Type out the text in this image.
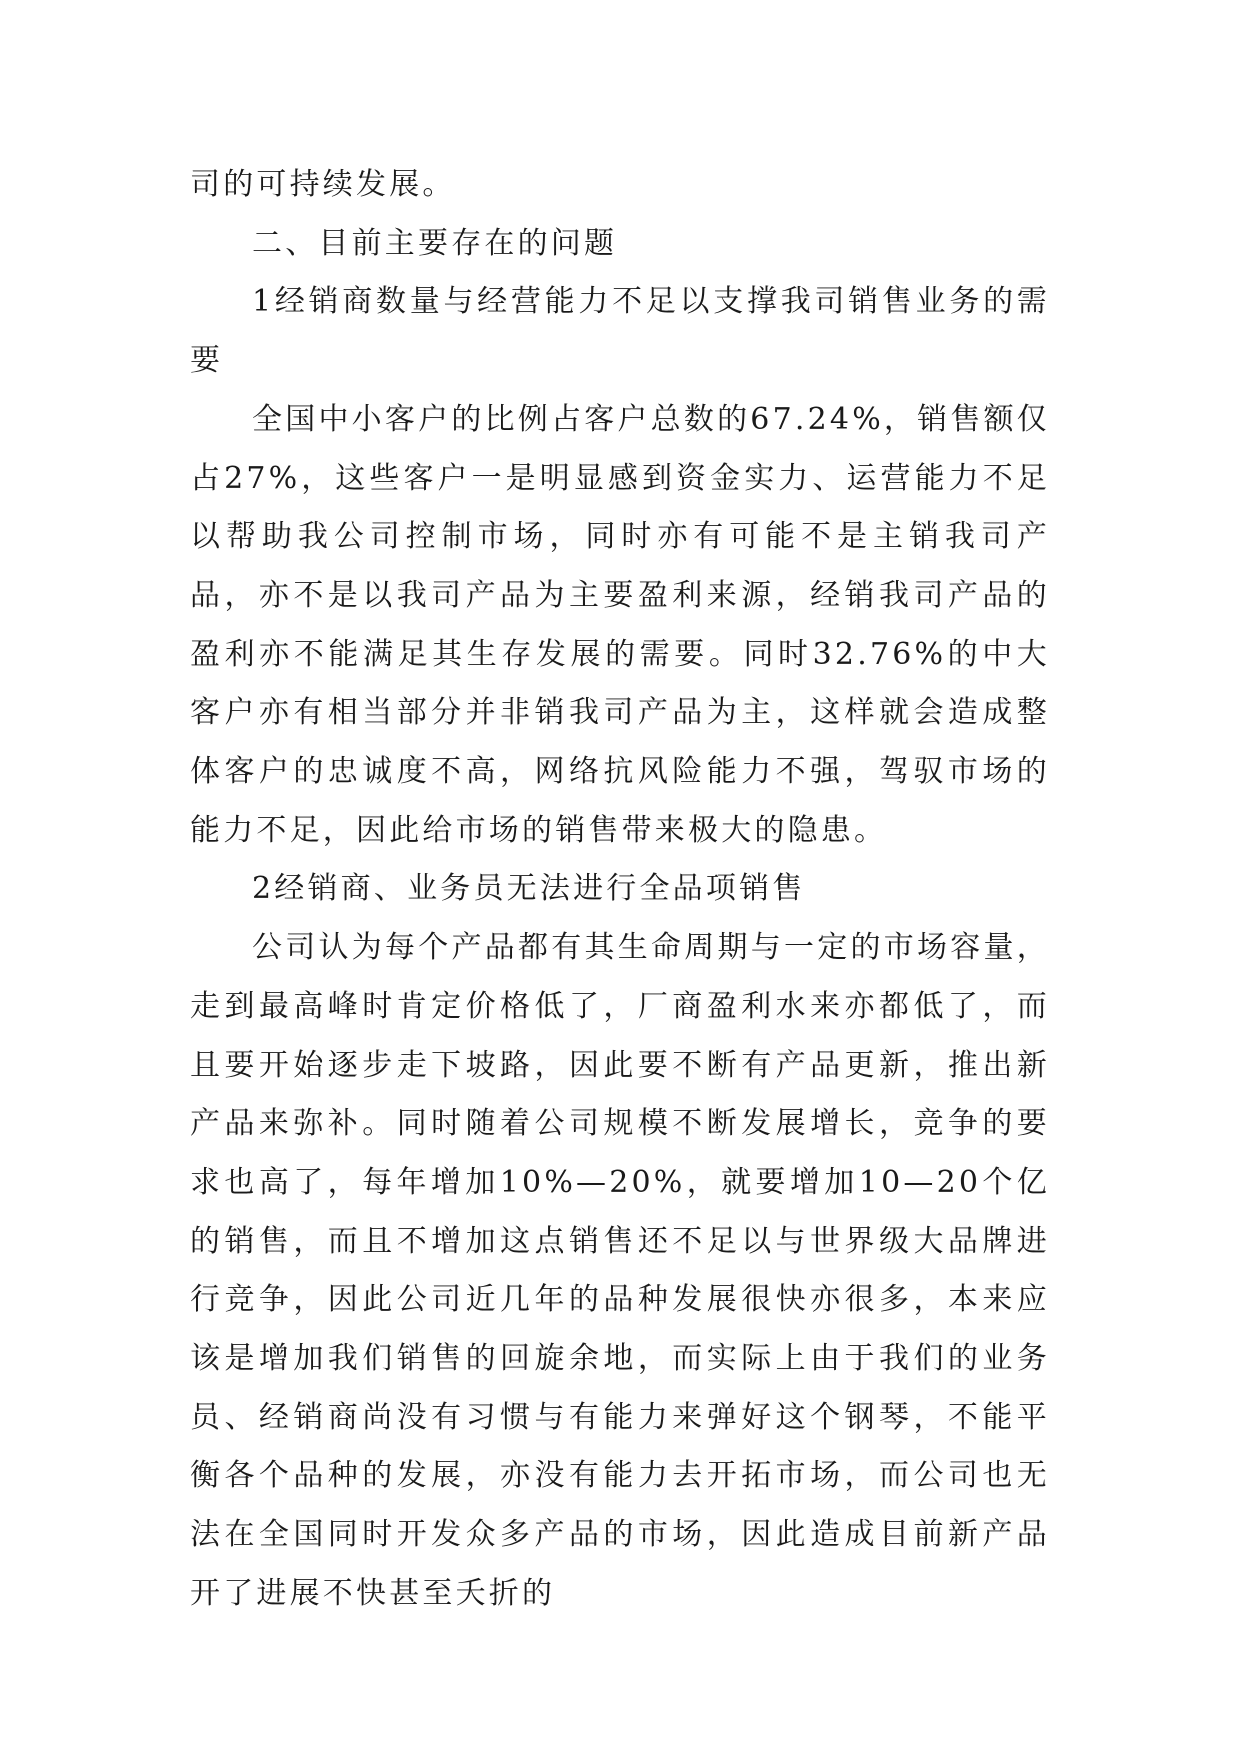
司的可持续发展。

二、目前主要存在的问题

1经销商数量与经营能力不足以支撑我司销售业务的需要

全国中小客户的比例占客户总数的67.24%，销售额仅占27%，这些客户一是明显感到资金实力、运营能力不足以帮助我公司控制市场，同时亦有可能不是主销我司产品，亦不是以我司产品为主要盈利来源，经销我司产品的盈利亦不能满足其生存发展的需要。同时32.76%的中大客户亦有相当部分并非销我司产品为主，这样就会造成整体客户的忠诚度不高，网络抗风险能力不强，驾驭市场的能力不足，因此给市场的销售带来极大的隐患。

2经销商、业务员无法进行全品项销售

公司认为每个产品都有其生命周期与一定的市场容量，走到最高峰时肯定价格低了，厂商盈利水来亦都低了，而且要开始逐步走下坡路，因此要不断有产品更新，推出新产品来弥补。同时随着公司规模不断发展增长，竞争的要求也高了，每年增加10%—20%，就要增加10—20个亿的销售，而且不增加这点销售还不足以与世界级大品牌进行竞争，因此公司近几年的品种发展很快亦很多，本来应该是增加我们销售的回旋余地，而实际上由于我们的业务员、经销商尚没有习惯与有能力来弹好这个钢琴，不能平衡各个品种的发展，亦没有能力去开拓市场，而公司也无法在全国同时开发众多产品的市场，因此造成目前新产品开了进展不快甚至夭折的
